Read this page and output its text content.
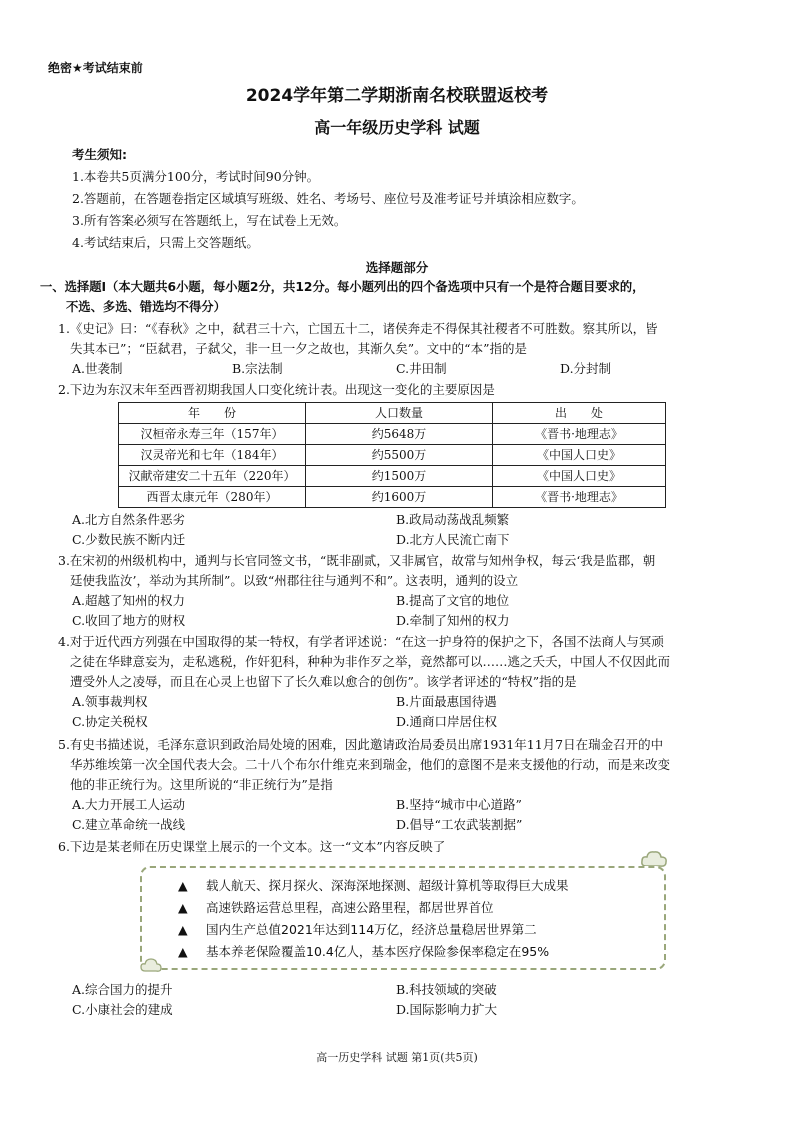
绝密★考试结束前
2024学年第二学期浙南名校联盟返校考
高一年级历史学科 试题
考生须知:
1.本卷共5页满分100分，考试时间90分钟。
2.答题前，在答题卷指定区域填写班级、姓名、考场号、座位号及准考证号并填涂相应数字。
3.所有答案必须写在答题纸上，写在试卷上无效。
4.考试结束后，只需上交答题纸。
选择题部分
一、选择题Ⅰ（本大题共6小题，每小题2分，共12分。每小题列出的四个备选项中只有一个是符合题目要求的，
不选、多选、错选均不得分）
1.《史记》曰：“《春秋》之中，弑君三十六，亡国五十二，诸侯奔走不得保其社稷者不可胜数。察其所以，皆
失其本已”；“臣弑君，子弑父，非一旦一夕之故也，其渐久矣”。文中的“本”指的是
A.世袭制	B.宗法制	C.井田制	D.分封制
2.下边为东汉末年至西晋初期我国人口变化统计表。出现这一变化的主要原因是
年　　份	人口数量	出　　处
汉桓帝永寿三年（157年）	约5648万	《晋书·地理志》
汉灵帝光和七年（184年）	约5500万	《中国人口史》
汉献帝建安二十五年（220年）	约1500万	《中国人口史》
西晋太康元年（280年）	约1600万	《晋书·地理志》
A.北方自然条件恶劣	B.政局动荡战乱频繁
C.少数民族不断内迁	D.北方人民流亡南下
3.在宋初的州级机构中，通判与长官同签文书，“既非副贰，又非属官，故常与知州争权，每云‘我是监郡，朝
廷使我监汝’，举动为其所制”。以致“州郡往往与通判不和”。这表明，通判的设立
A.超越了知州的权力	B.提高了文官的地位
C.收回了地方的财权	D.牵制了知州的权力
4.对于近代西方列强在中国取得的某一特权，有学者评述说：“在这一护身符的保护之下，各国不法商人与冥顽
之徒在华肆意妄为，走私逃税，作奸犯科，种种为非作歹之举，竟然都可以……逃之夭夭，中国人不仅因此而
遭受外人之凌辱，而且在心灵上也留下了长久难以愈合的创伤”。该学者评述的“特权”指的是
A.领事裁判权	B.片面最惠国待遇
C.协定关税权	D.通商口岸居住权
5.有史书描述说，毛泽东意识到政治局处境的困难，因此邀请政治局委员出席1931年11月7日在瑞金召开的中
华苏维埃第一次全国代表大会。二十八个布尔什维克来到瑞金，他们的意图不是来支援他的行动，而是来改变
他的非正统行为。这里所说的“非正统行为”是指
A.大力开展工人运动	B.坚持“城市中心道路”
C.建立革命统一战线	D.倡导“工农武装割据”
6.下边是某老师在历史课堂上展示的一个文本。这一“文本”内容反映了
▲ 载人航天、探月探火、深海深地探测、超级计算机等取得巨大成果
▲ 高速铁路运营总里程，高速公路里程，都居世界首位
▲ 国内生产总值2021年达到114万亿，经济总量稳居世界第二
▲ 基本养老保险覆盖10.4亿人，基本医疗保险参保率稳定在95%
A.综合国力的提升	B.科技领域的突破
C.小康社会的建成	D.国际影响力扩大
高一历史学科 试题 第1页(共5页)
